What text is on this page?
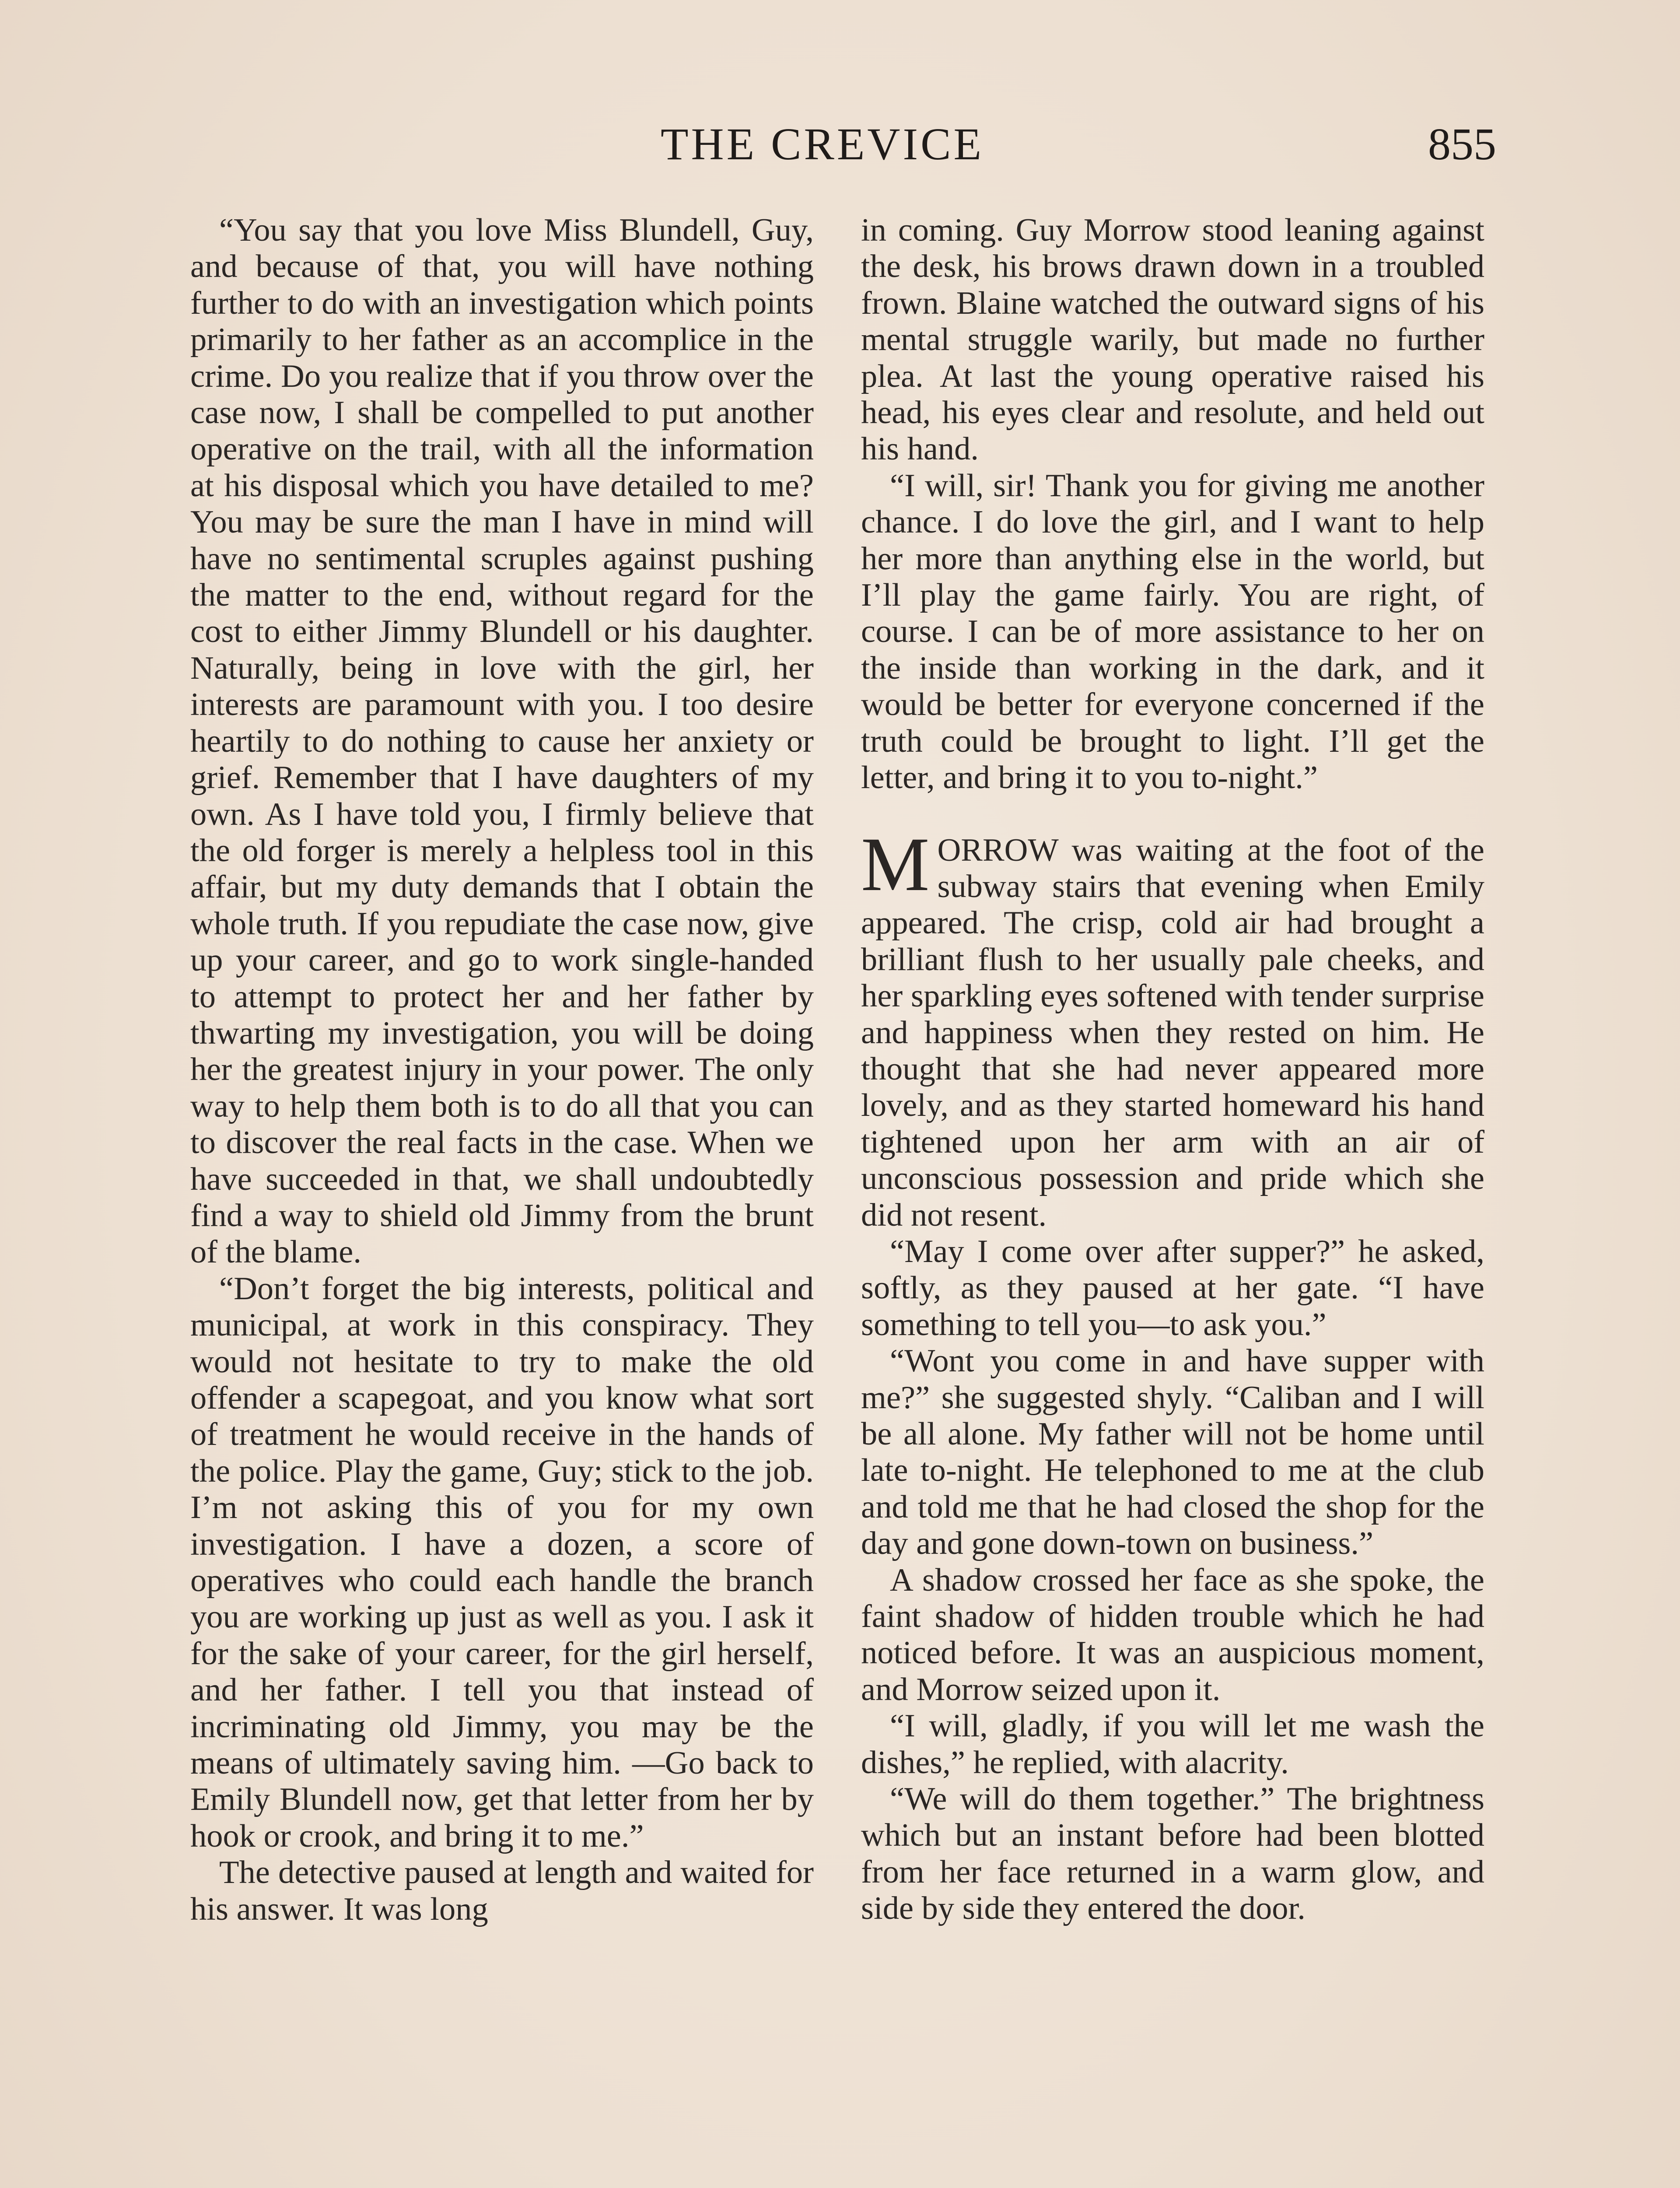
THE CREVICE	855

“You say that you love Miss Blundell, Guy, and because of that, you will have nothing further to do with an investigation which points primarily to her father as an accomplice in the crime. Do you realize that if you throw over the case now, I shall be compelled to put another operative on the trail, with all the information at his disposal which you have detailed to me? You may be sure the man I have in mind will have no sentimental scruples against pushing the matter to the end, without regard for the cost to either Jimmy Blundell or his daughter. Naturally, being in love with the girl, her interests are paramount with you. I too desire heartily to do nothing to cause her anxiety or grief. Remember that I have daughters of my own. As I have told you, I firmly believe that the old forger is merely a helpless tool in this affair, but my duty demands that I obtain the whole truth. If you repudiate the case now, give up your career, and go to work single-handed to attempt to protect her and her father by thwarting my investigation, you will be doing her the greatest injury in your power. The only way to help them both is to do all that you can to discover the real facts in the case. When we have succeeded in that, we shall undoubtedly find a way to shield old Jimmy from the brunt of the blame.

“Don’t forget the big interests, political and municipal, at work in this conspiracy. They would not hesitate to try to make the old offender a scapegoat, and you know what sort of treatment he would receive in the hands of the police. Play the game, Guy; stick to the job. I’m not asking this of you for my own investigation. I have a dozen, a score of operatives who could each handle the branch you are working up just as well as you. I ask it for the sake of your career, for the girl herself, and her father. I tell you that instead of incriminating old Jimmy, you may be the means of ultimately saving him. —Go back to Emily Blundell now, get that letter from her by hook or crook, and bring it to me.”

The detective paused at length and waited for his answer. It was long

in coming. Guy Morrow stood leaning against the desk, his brows drawn down in a troubled frown. Blaine watched the outward signs of his mental struggle warily, but made no further plea. At last the young operative raised his head, his eyes clear and resolute, and held out his hand.

“I will, sir! Thank you for giving me another chance. I do love the girl, and I want to help her more than anything else in the world, but I’ll play the game fairly. You are right, of course. I can be of more assistance to her on the inside than working in the dark, and it would be better for everyone concerned if the truth could be brought to light. I’ll get the letter, and bring it to you to-night.”

MORROW was waiting at the foot of the subway stairs that evening when Emily appeared. The crisp, cold air had brought a brilliant flush to her usually pale cheeks, and her sparkling eyes softened with tender surprise and happiness when they rested on him. He thought that she had never appeared more lovely, and as they started homeward his hand tightened upon her arm with an air of unconscious possession and pride which she did not resent.

“May I come over after supper?” he asked, softly, as they paused at her gate. “I have something to tell you—to ask you.”

“Wont you come in and have supper with me?” she suggested shyly. “Caliban and I will be all alone. My father will not be home until late to-night. He telephoned to me at the club and told me that he had closed the shop for the day and gone down-town on business.”

A shadow crossed her face as she spoke, the faint shadow of hidden trouble which he had noticed before. It was an auspicious moment, and Morrow seized upon it.

“I will, gladly, if you will let me wash the dishes,” he replied, with alacrity.

“We will do them together.” The brightness which but an instant before had been blotted from her face returned in a warm glow, and side by side they entered the door.
